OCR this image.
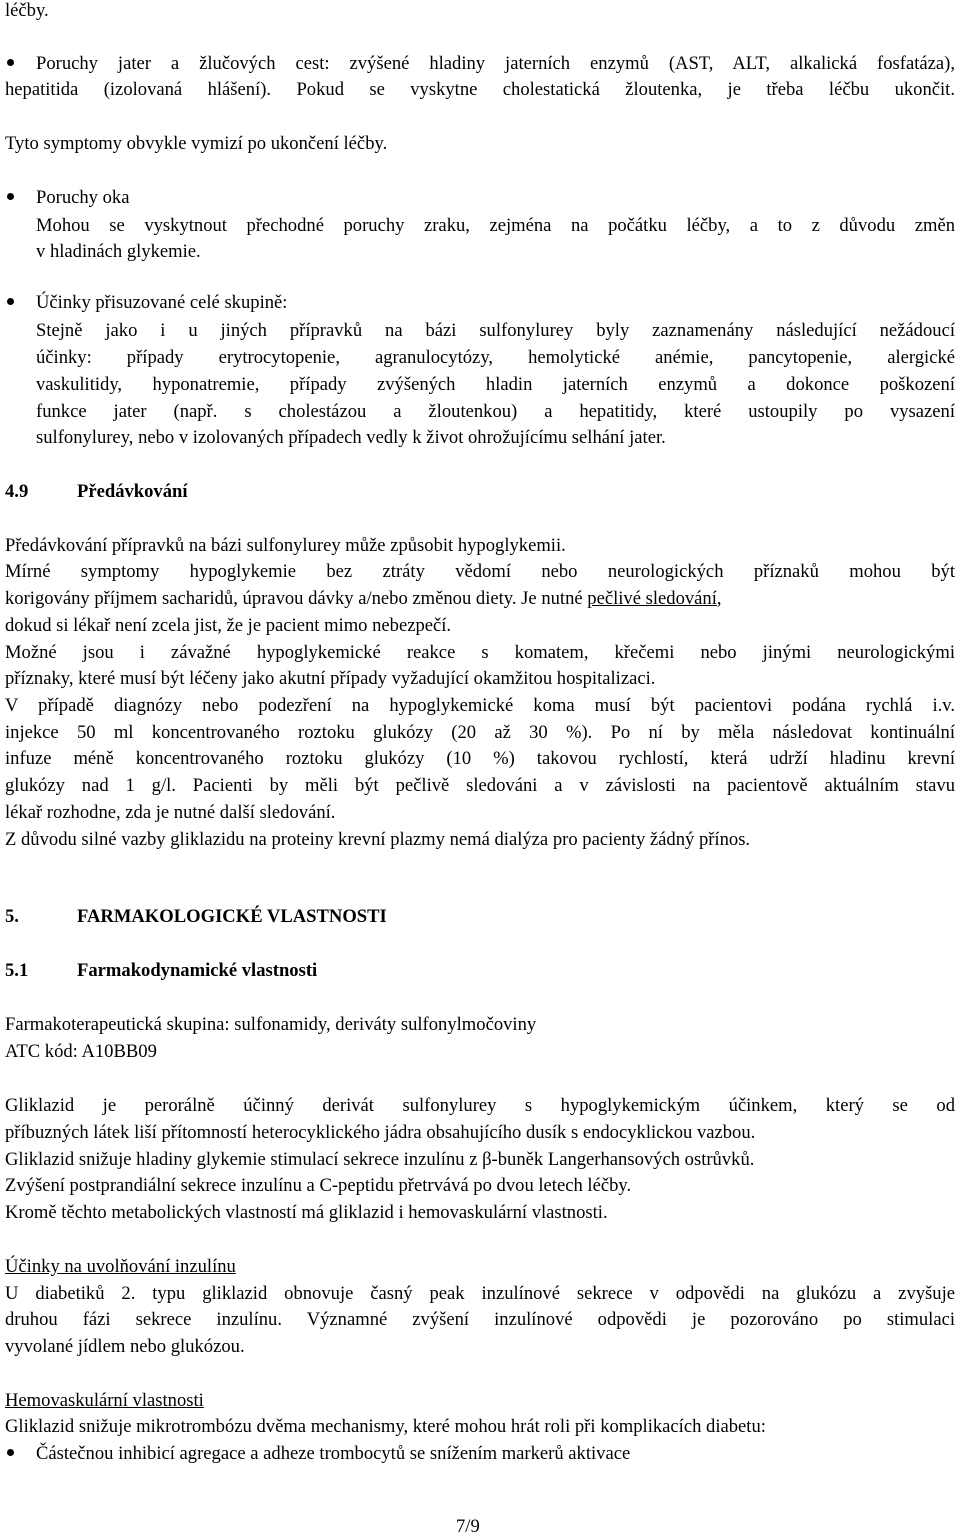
léčby.
Poruchy jater a žlučových cest: zvýšené hladiny jaterních enzymů (AST, ALT, alkalická fosfatáza),
hepatitida (izolovaná hlášení). Pokud se vyskytne cholestatická žloutenka, je třeba léčbu ukončit.
Tyto symptomy obvykle vymizí po ukončení léčby.
Poruchy oka
Mohou se vyskytnout přechodné poruchy zraku, zejména na počátku léčby, a to z důvodu změn
v hladinách glykemie.
Účinky přisuzované celé skupině:
Stejně jako i u jiných přípravků na bázi sulfonylurey byly zaznamenány následující nežádoucí
účinky: případy erytrocytopenie, agranulocytózy, hemolytické anémie, pancytopenie, alergické
vaskulitidy, hyponatremie, případy zvýšených hladin jaterních enzymů a dokonce poškození
funkce jater (např. s cholestázou a žloutenkou) a hepatitidy, které ustoupily po vysazení
sulfonylurey, nebo v izolovaných případech vedly k život ohrožujícímu selhání jater.
4.9	Předávkování
Předávkování přípravků na bázi sulfonylurey může způsobit hypoglykemii.
Mírné symptomy hypoglykemie bez ztráty vědomí nebo neurologických příznaků mohou být
korigovány příjmem sacharidů, úpravou dávky a/nebo změnou diety. Je nutné pečlivé sledování,
dokud si lékař není zcela jist, že je pacient mimo nebezpečí.
Možné jsou i závažné hypoglykemické reakce s komatem, křečemi nebo jinými neurologickými
příznaky, které musí být léčeny jako akutní případy vyžadující okamžitou hospitalizaci.
V případě diagnózy nebo podezření na hypoglykemické koma musí být pacientovi podána rychlá i.v.
injekce 50 ml koncentrovaného roztoku glukózy (20 až 30 %). Po ní by měla následovat kontinuální
infuze méně koncentrovaného roztoku glukózy (10 %) takovou rychlostí, která udrží hladinu krevní
glukózy nad 1 g/l. Pacienti by měli být pečlivě sledováni a v závislosti na pacientově aktuálním stavu
lékař rozhodne, zda je nutné další sledování.
Z důvodu silné vazby gliklazidu na proteiny krevní plazmy nemá dialýza pro pacienty žádný přínos.
5.	FARMAKOLOGICKÉ VLASTNOSTI
5.1	Farmakodynamické vlastnosti
Farmakoterapeutická skupina: sulfonamidy, deriváty sulfonylmočoviny
ATC kód: A10BB09
Gliklazid je perorálně účinný derivát sulfonylurey s hypoglykemickým účinkem, který se od
příbuzných látek liší přítomností heterocyklického jádra obsahujícího dusík s endocyklickou vazbou.
Gliklazid snižuje hladiny glykemie stimulací sekrece inzulínu z β-buněk Langerhansových ostrůvků.
Zvýšení postprandiální sekrece inzulínu a C-peptidu přetrvává po dvou letech léčby.
Kromě těchto metabolických vlastností má gliklazid i hemovaskulární vlastnosti.
Účinky na uvolňování inzulínu
U diabetiků 2. typu gliklazid obnovuje časný peak inzulínové sekrece v odpovědi na glukózu a zvyšuje
druhou fázi sekrece inzulínu. Významné zvýšení inzulínové odpovědi je pozorováno po stimulaci
vyvolané jídlem nebo glukózou.
Hemovaskulární vlastnosti
Gliklazid snižuje mikrotrombózu dvěma mechanismy, které mohou hrát roli při komplikacích diabetu:
Částečnou inhibicí agregace a adheze trombocytů se snížením markerů aktivace
7/9
